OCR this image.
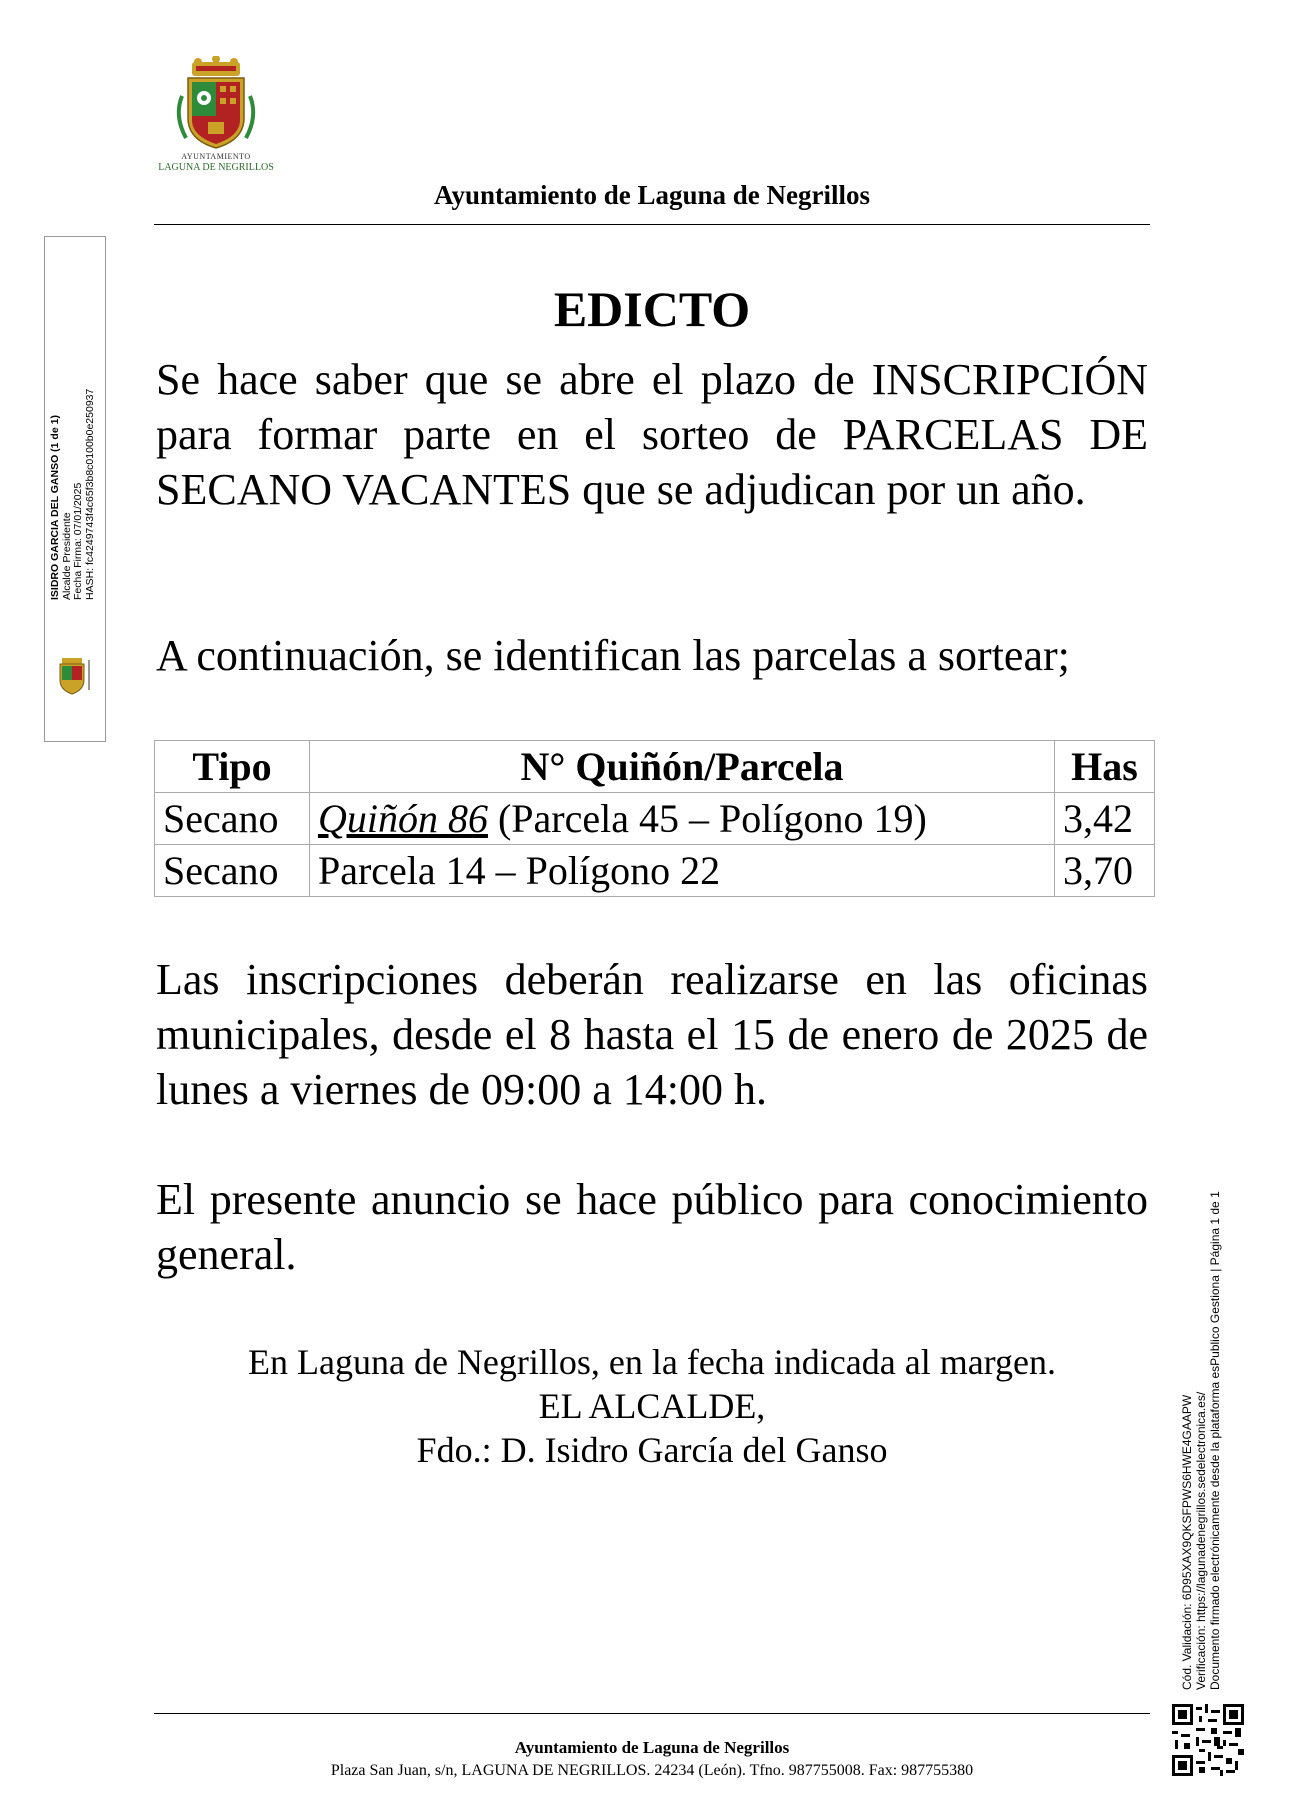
AYUNTAMIENTO
LAGUNA DE NEGRILLOS
Ayuntamiento de Laguna de Negrillos
ISIDRO GARCIA DEL GANSO (1 de 1) Alcalde Presidente Fecha Firma: 07/01/2025 HASH: fc4249743f4c65f3b8c0100b0e250937
EDICTO
Se hace saber que se abre el plazo de INSCRIPCIÓN para formar parte en el sorteo de PARCELAS DE SECANO VACANTES que se adjudican por un año.
A continuación, se identifican las parcelas a sortear;
Tipo	N° Quiñón/Parcela	Has
Secano	Quiñón 86 (Parcela 45 – Polígono 19)	3,42
Secano	Parcela 14 – Polígono 22	3,70
Las inscripciones deberán realizarse en las oficinas municipales, desde el 8 hasta el 15 de enero de 2025 de lunes a viernes de 09:00 a 14:00 h.
El presente anuncio se hace público para conocimiento general.
En Laguna de Negrillos, en la fecha indicada al margen.
EL ALCALDE,
Fdo.: D. Isidro García del Ganso	Cód. Validación: 6D95XAX9QKSFPWS6HWE4GAAPW Verificación: https://lagunadenegrillos.sedelectronica.es/ Documento firmado electrónicamente desde la plataforma esPublico Gestiona | Página 1 de 1
Ayuntamiento de Laguna de Negrillos
Plaza San Juan, s/n, LAGUNA DE NEGRILLOS. 24234 (León). Tfno. 987755008. Fax: 987755380
